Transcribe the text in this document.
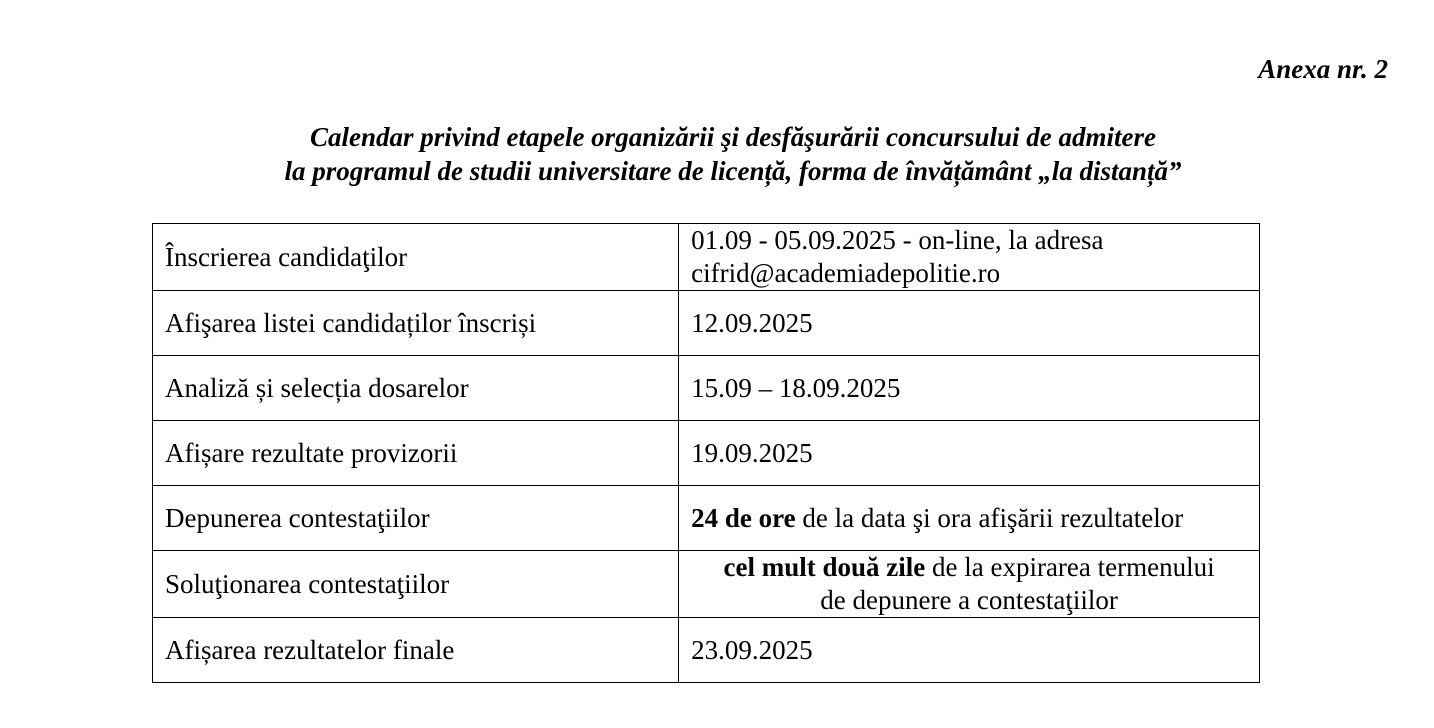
Anexa nr. 2
Calendar privind etapele organizării şi desfăşurării concursului de admitere
la programul de studii universitare de licență, forma de învățământ „la distanță”
Înscrierea candidaţilor	01.09 - 05.09.2025 - on-line, la adresa
cifrid@academiadepolitie.ro

Afişarea listei candidaților înscriși	12.09.2025
Analiză și selecția dosarelor	15.09 – 18.09.2025
Afișare rezultate provizorii	19.09.2025
Depunerea contestaţiilor	24 de ore de la data şi ora afişării rezultatelor
Soluţionarea contestaţiilor	cel mult două zile de la expirarea termenului
de depunere a contestaţiilor

Afișarea rezultatelor finale	23.09.2025
